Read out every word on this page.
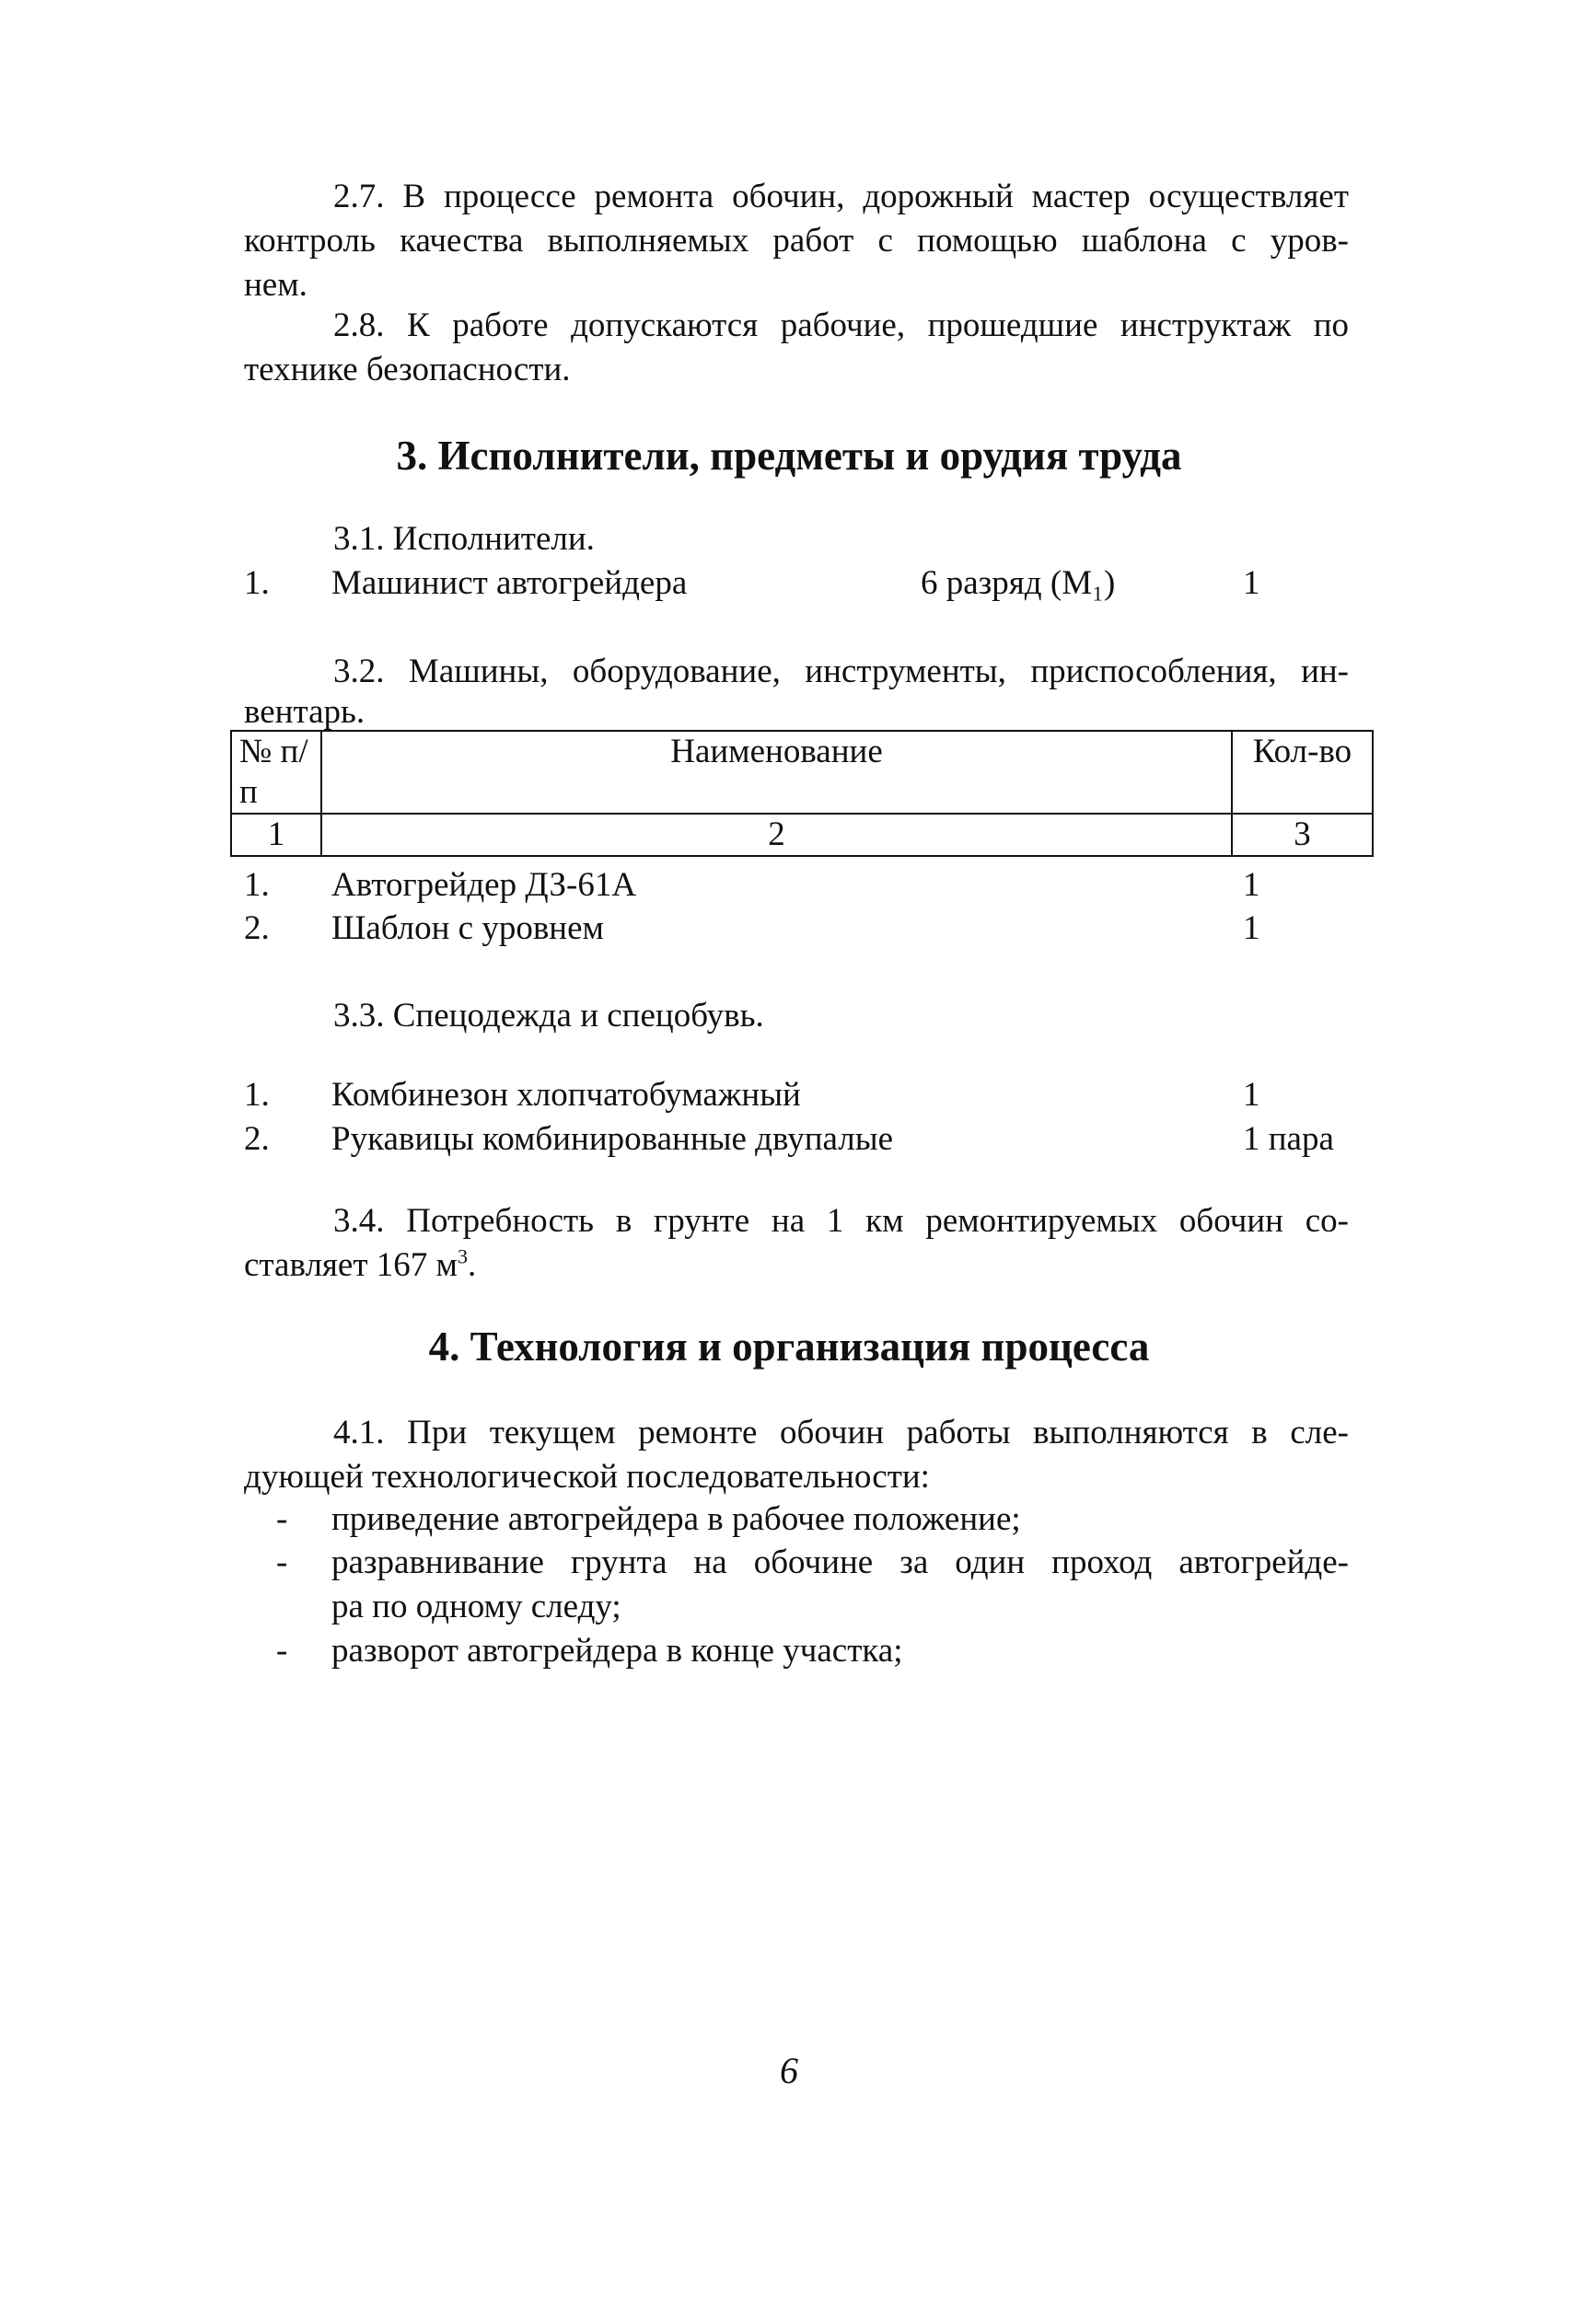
2.7. В процессе ремонта обочин, дорожный мастер осуществляет
контроль качества выполняемых работ с помощью шаблона с уров-
нем.
2.8. К работе допускаются рабочие, прошедшие инструктаж по
технике безопасности.
3. Исполнители, предметы и орудия труда
3.1. Исполнители.
1. Машинист автогрейдера	6 разряд (М₁)	1
3.2. Машины, оборудование, инструменты, приспособления, ин-
вентарь.
№ п/п	Наименование	Кол-во
1	2	3
1. Автогрейдер ДЗ-61А	1
2. Шаблон с уровнем	1
3.3. Спецодежда и спецобувь.
1. Комбинезон хлопчатобумажный	1
2. Рукавицы комбинированные двупалые	1 пара
3.4. Потребность в грунте на 1 км ремонтируемых обочин со-
ставляет 167 $м^3$.
4. Технология и организация процесса
4.1. При текущем ремонте обочин работы выполняются в сле-
дующей технологической последовательности:
- приведение автогрейдера в рабочее положение;
- разравнивание грунта на обочине за один проход автогрейде-
ра по одному следу;
- разворот автогрейдера в конце участка;
6
